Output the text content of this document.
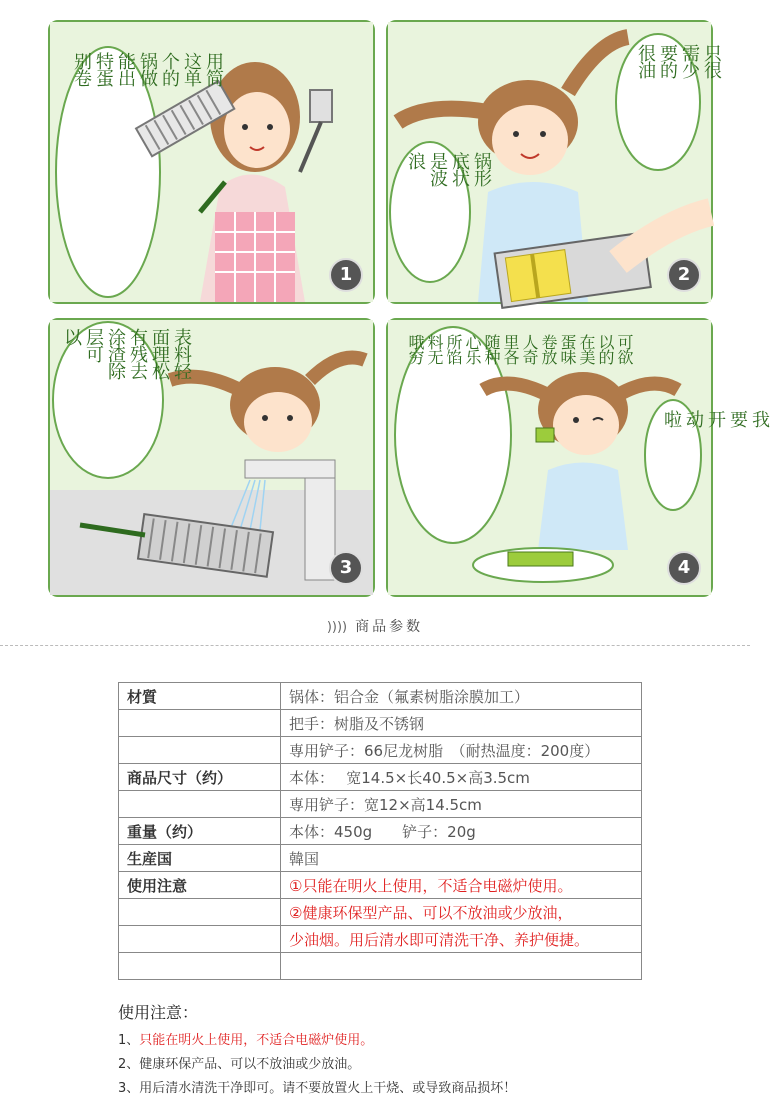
用简
这单
个的
锅做
能出
特蛋
别卷
1
只很
需少
要的
很油
锅形
底状
是波
浪
2
表料轻
面理松
有残去
涂渣除
层可
以
3
可欲
以的
在美
蛋味
卷放
人奇
里各
随种
心乐
所馅
料无
哦穷
我
要
开
动
啦
4
)))) 商品参数
材質	锅体：铝合金（氟素树脂涂膜加工）
	把手：树脂及不锈钢
	専用铲子：66尼龙树脂　（耐热温度：200度）
商品尺寸（约）	本体：　 宽14.5×长40.5×高3.5cm
	専用铲子：宽12×高14.5cm
重量（约）	本体：450g　　铲子：20g
生産国	韓国
使用注意	①只能在明火上使用，不适合电磁炉使用。
	②健康环保型产品、可以不放油或少放油，
	少油烟。用后清水即可清洗干净、养护便捷。

使用注意：
1、只能在明火上使用，不适合电磁炉使用。
2、健康环保产品、可以不放油或少放油。
3、用后清水清洗干净即可。请不要放置火上干烧、或导致商品损坏！
